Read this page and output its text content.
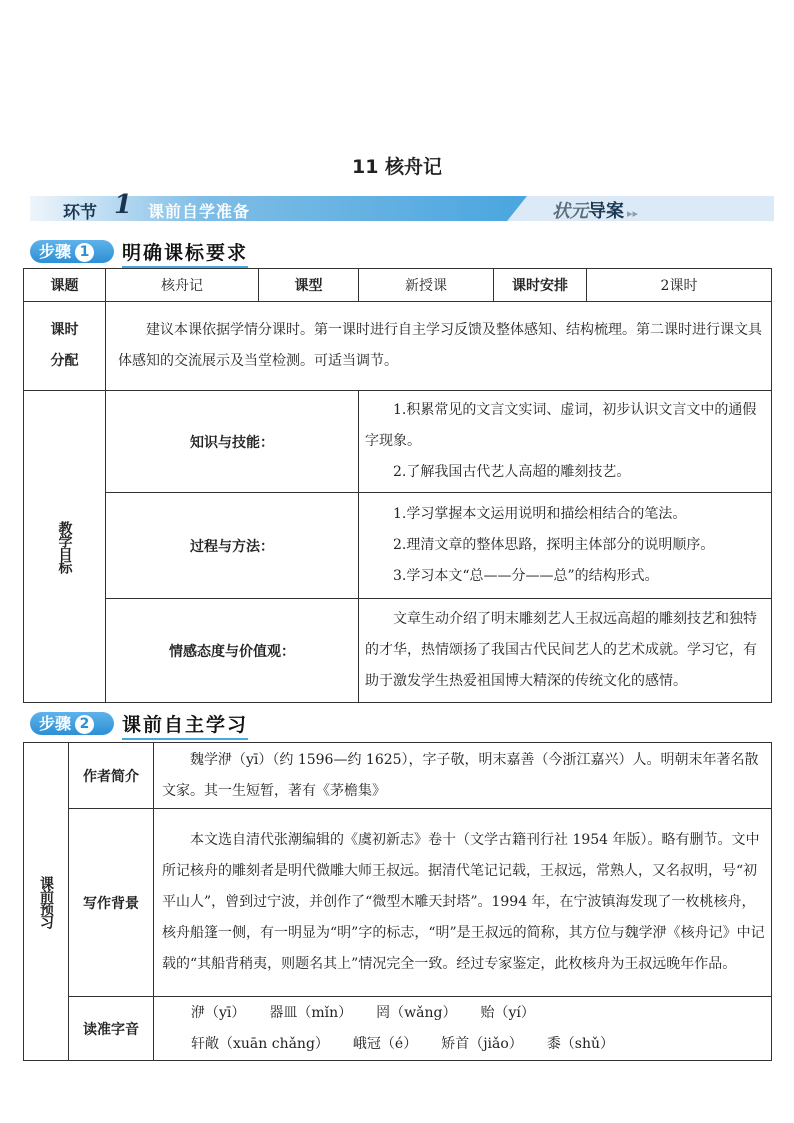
11 核舟记
环节 1 课前自学准备	状元导案 ▸▸
步骤 1	明确课标要求
课题	核舟记	课型	新授课	课时安排	2课时

课时
分配	建议本课依据学情分课时。第一课时进行自主学习反馈及整体感知、结构梳理。第二课时进行课文具体感知的交流展示及当堂检测。可适当调节。				

教学目标	知识与技能：		1.积累常见的文言文实词、虚词，初步认识文言文中的通假字现象。
2.了解我国古代艺人高超的雕刻技艺。		

	过程与方法：		1.学习掌握本文运用说明和描绘相结合的笔法。
2.理清文章的整体思路，探明主体部分的说明顺序。
3.学习本文“总——分——总”的结构形式。		

	情感态度与价值观：		文章生动介绍了明末雕刻艺人王叔远高超的雕刻技艺和独特的才华，热情颂扬了我国古代民间艺人的艺术成就。学习它，有助于激发学生热爱祖国博大精深的传统文化的感情。		
步骤 2	课前自主学习
课前预习	作者简介	魏学洢（yī）（约 1596—约 1625），字子敬，明末嘉善（今浙江嘉兴）人。明朝末年著名散文家。其一生短暂，著有《茅檐集》
	写作背景	本文选自清代张潮编辑的《虞初新志》卷十（文学古籍刊行社 1954 年版）。略有删节。文中所记核舟的雕刻者是明代微雕大师王叔远。据清代笔记记载，王叔远，常熟人，又名叔明，号“初平山人”，曾到过宁波，并创作了“微型木雕天封塔”。1994 年，在宁波镇海发现了一枚桃核舟，核舟船篷一侧，有一明显为“明”字的标志，“明”是王叔远的简称，其方位与魏学洢《核舟记》中记载的“其船背稍夷，则题名其上”情况完全一致。经过专家鉴定，此枚核舟为王叔远晚年作品。
	读准字音	洢（yī） 器皿（mǐn） 罔（wǎng） 贻（yí）
轩敞（xuān chǎng） 峨冠（é） 矫首（jiǎo） 黍（shǔ）
